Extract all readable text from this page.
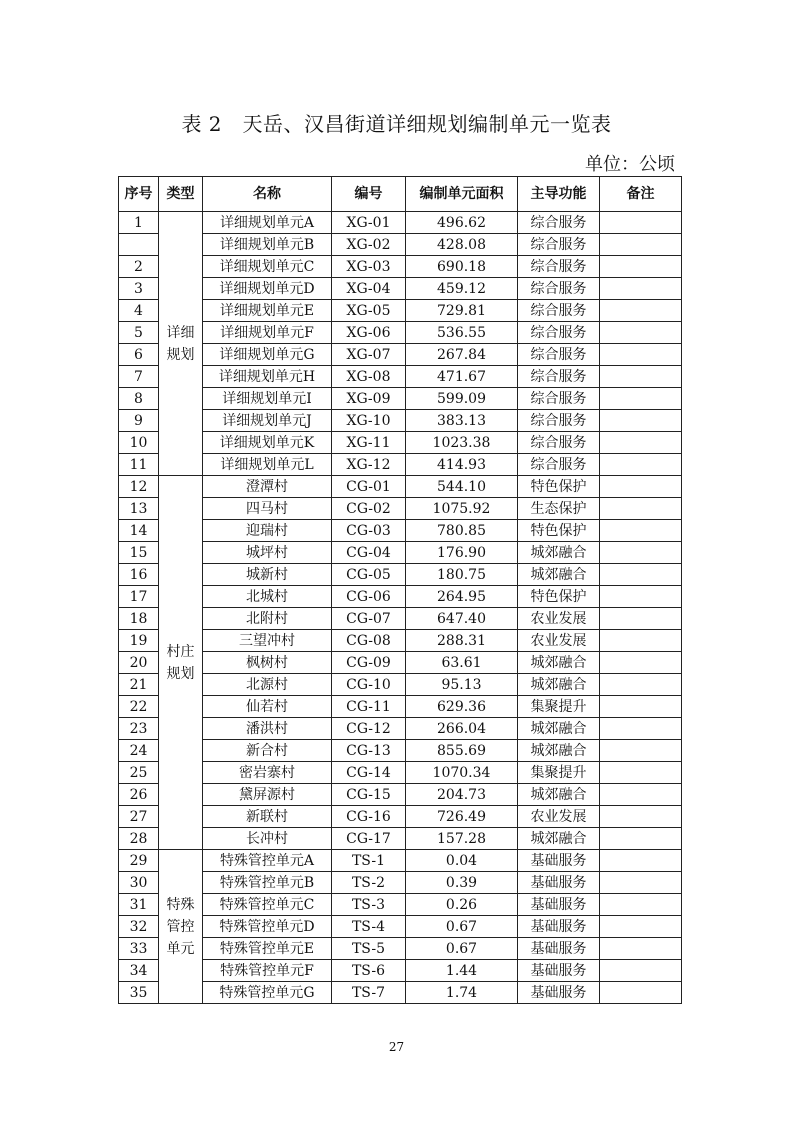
表 2　天岳、汉昌街道详细规划编制单元一览表
单位：公顷
序号	类型	名称	编号	编制单元面积	主导功能	备注
1	详细规划	详细规划单元A	XG-01	496.62	综合服务	
		详细规划单元B	XG-02	428.08	综合服务	
2		详细规划单元C	XG-03	690.18	综合服务	
3		详细规划单元D	XG-04	459.12	综合服务	
4		详细规划单元E	XG-05	729.81	综合服务	
5		详细规划单元F	XG-06	536.55	综合服务	
6		详细规划单元G	XG-07	267.84	综合服务	
7		详细规划单元H	XG-08	471.67	综合服务	
8		详细规划单元I	XG-09	599.09	综合服务	
9		详细规划单元J	XG-10	383.13	综合服务	
10		详细规划单元K	XG-11	1023.38	综合服务	
11		详细规划单元L	XG-12	414.93	综合服务	
12	村庄规划	澄潭村	CG-01	544.10	特色保护	
13		四马村	CG-02	1075.92	生态保护	
14		迎瑞村	CG-03	780.85	特色保护	
15		城坪村	CG-04	176.90	城郊融合	
16		城新村	CG-05	180.75	城郊融合	
17		北城村	CG-06	264.95	特色保护	
18		北附村	CG-07	647.40	农业发展	
19		三望冲村	CG-08	288.31	农业发展	
20		枫树村	CG-09	63.61	城郊融合	
21		北源村	CG-10	95.13	城郊融合	
22		仙若村	CG-11	629.36	集聚提升	
23		潘洪村	CG-12	266.04	城郊融合	
24		新合村	CG-13	855.69	城郊融合	
25		密岩寨村	CG-14	1070.34	集聚提升	
26		黛屏源村	CG-15	204.73	城郊融合	
27		新联村	CG-16	726.49	农业发展	
28		长冲村	CG-17	157.28	城郊融合	
29	特殊管控单元	特殊管控单元A	TS-1	0.04	基础服务	
30		特殊管控单元B	TS-2	0.39	基础服务	
31		特殊管控单元C	TS-3	0.26	基础服务	
32		特殊管控单元D	TS-4	0.67	基础服务	
33		特殊管控单元E	TS-5	0.67	基础服务	
34		特殊管控单元F	TS-6	1.44	基础服务	
35		特殊管控单元G	TS-7	1.74	基础服务	
27
